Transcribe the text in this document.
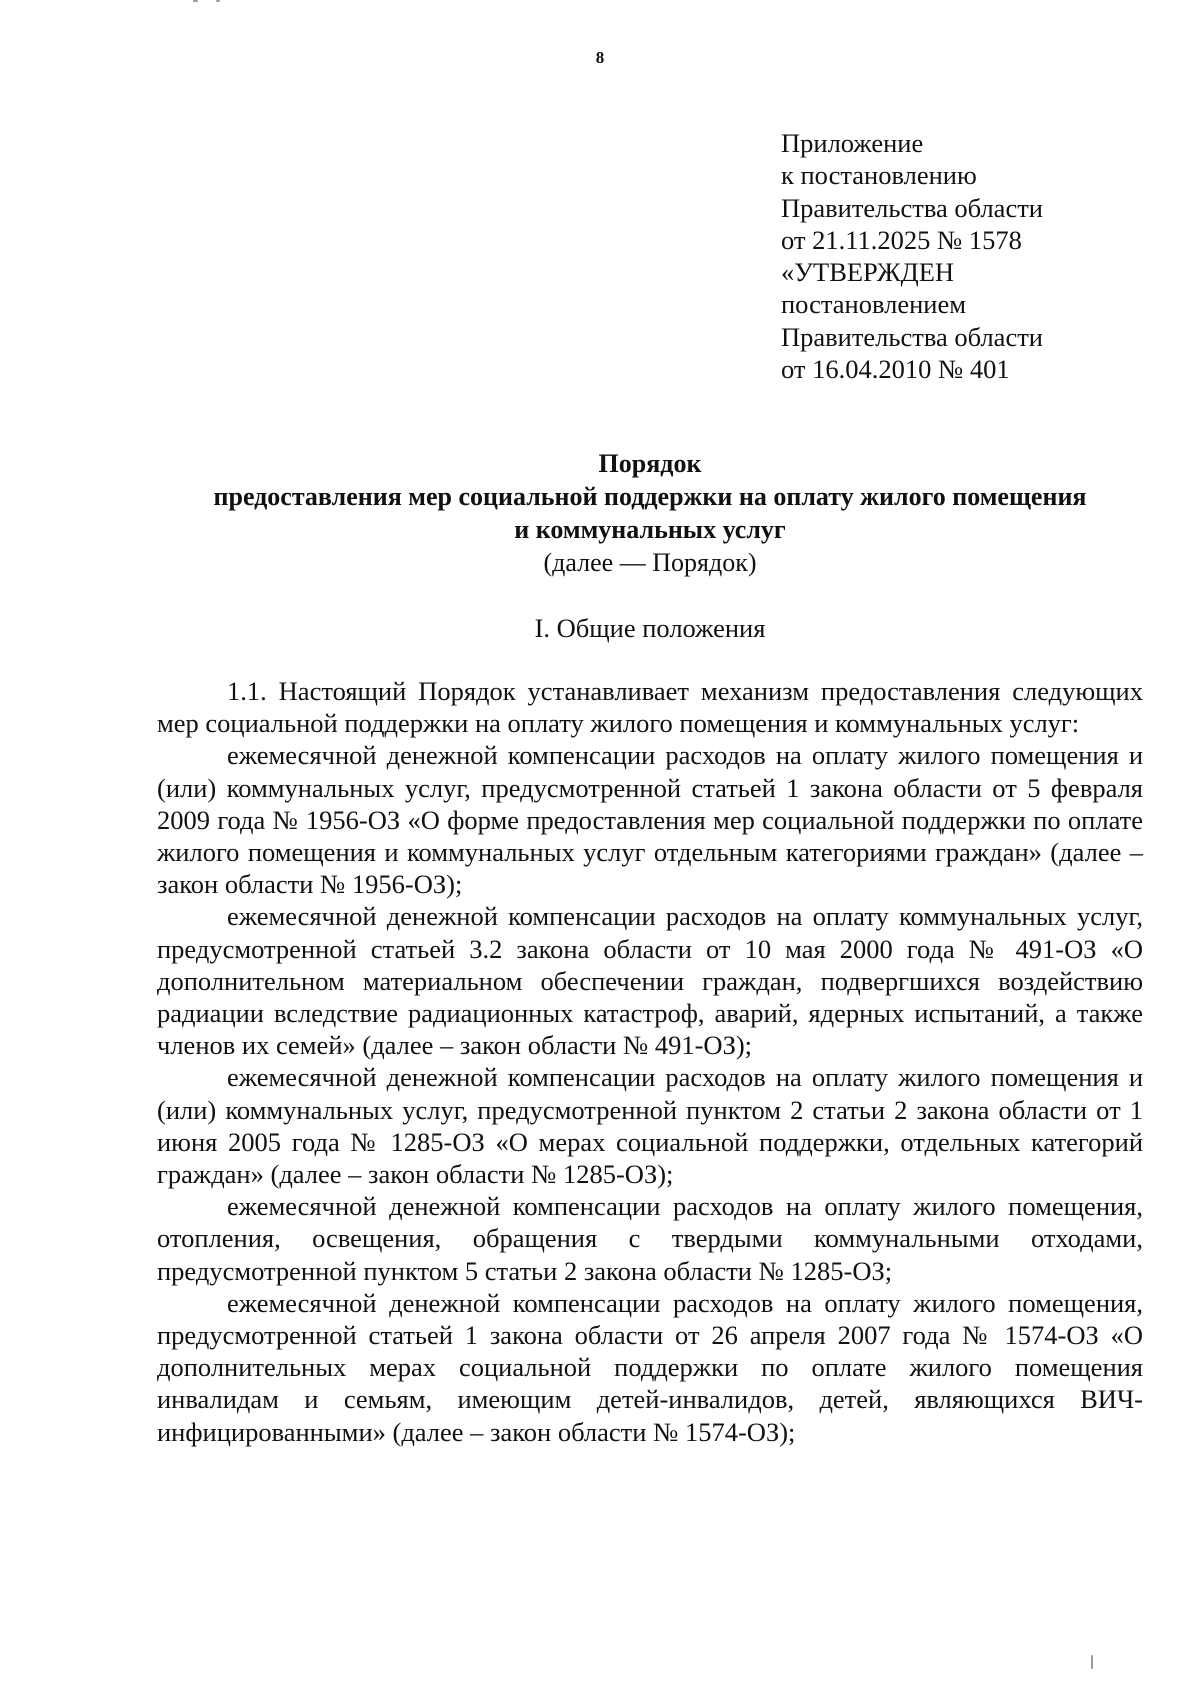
8
Приложение
к постановлению
Правительства области
от 21.11.2025 № 1578
«УТВЕРЖДЕН
постановлением
Правительства области
от 16.04.2010 № 401
Порядок
предоставления мер социальной поддержки на оплату жилого помещения
и коммунальных услуг
(далее — Порядок)
I. Общие положения

1.1. Настоящий Порядок устанавливает механизм предоставления следующих мер социальной поддержки на оплату жилого помещения и коммунальных услуг:

ежемесячной денежной компенсации расходов на оплату жилого помещения и (или) коммунальных услуг, предусмотренной статьей 1 закона области от 5 февраля 2009 года № 1956-ОЗ «О форме предоставления мер социальной поддержки по оплате жилого помещения и коммунальных услуг отдельным категориями граждан» (далее – закон области № 1956-ОЗ);

ежемесячной денежной компенсации расходов на оплату коммунальных услуг, предусмотренной статьей 3.2 закона области от 10 мая 2000 года № 491-ОЗ «О дополнительном материальном обеспечении граждан, подвергшихся воздействию радиации вследствие радиационных катастроф, аварий, ядерных испытаний, а также членов их семей» (далее – закон области № 491-ОЗ);

ежемесячной денежной компенсации расходов на оплату жилого помещения и (или) коммунальных услуг, предусмотренной пунктом 2 статьи 2 закона области от 1 июня 2005 года № 1285-ОЗ «О мерах социальной поддержки, отдельных категорий граждан» (далее – закон области № 1285-ОЗ);

ежемесячной денежной компенсации расходов на оплату жилого помещения, отопления, освещения, обращения с твердыми коммунальными отходами, предусмотренной пунктом 5 статьи 2 закона области № 1285-ОЗ;

ежемесячной денежной компенсации расходов на оплату жилого помещения, предусмотренной статьей 1 закона области от 26 апреля 2007 года № 1574-ОЗ «О дополнительных мерах социальной поддержки по оплате жилого помещения инвалидам и семьям, имеющим детей-инвалидов, детей, являющихся ВИЧ-инфицированными» (далее – закон области № 1574-ОЗ);
